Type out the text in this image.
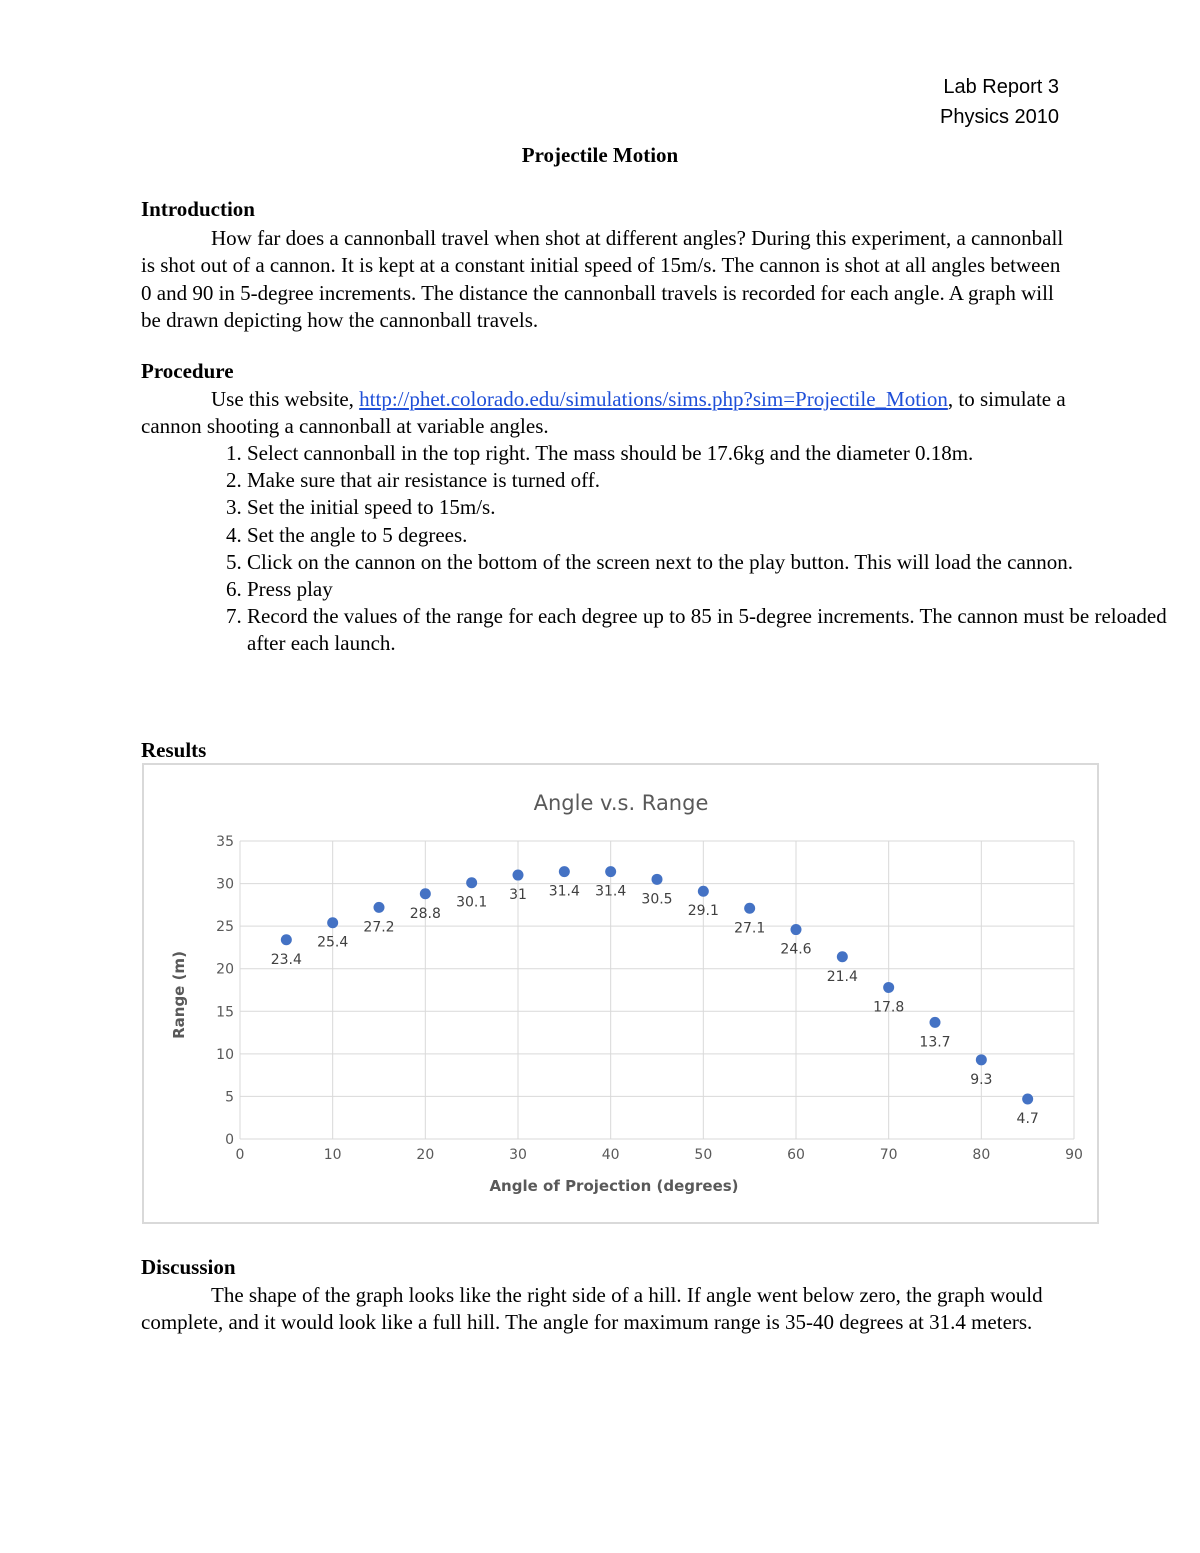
Lab Report 3
Physics 2010
Projectile Motion
Introduction
How far does a cannonball travel when shot at different angles? During this experiment, a cannonball is shot out of a cannon. It is kept at a constant initial speed of 15m/s. The cannon is shot at all angles between 0 and 90 in 5-degree increments. The distance the cannonball travels is recorded for each angle. A graph will be drawn depicting how the cannonball travels.
Procedure
Use this website, http://phet.colorado.edu/simulations/sims.php?sim=Projectile_Motion, to simulate a cannon shooting a cannonball at variable angles.
1. Select cannonball in the top right. The mass should be 17.6kg and the diameter 0.18m.
2. Make sure that air resistance is turned off.
3. Set the initial speed to 15m/s.
4. Set the angle to 5 degrees.
5. Click on the cannon on the bottom of the screen next to the play button. This will load the cannon.
6. Press play
7. Record the values of the range for each degree up to 85 in 5-degree increments. The cannon must be reloaded after each launch.
Results
Angle v.s. Range
0	10	20	30	40	50	60	70	80	90
0
5
10
15
20
25
30
35
23.4
25.4
27.2
28.8
30.1 31 31.4 31.4 30.5
29.1
27.1
24.6
21.4
17.8
13.7
9.3
4.7
Angle of Projection (degrees)
Range (m)
Discussion
The shape of the graph looks like the right side of a hill. If angle went below zero, the graph would complete, and it would look like a full hill. The angle for maximum range is 35-40 degrees at 31.4 meters.
